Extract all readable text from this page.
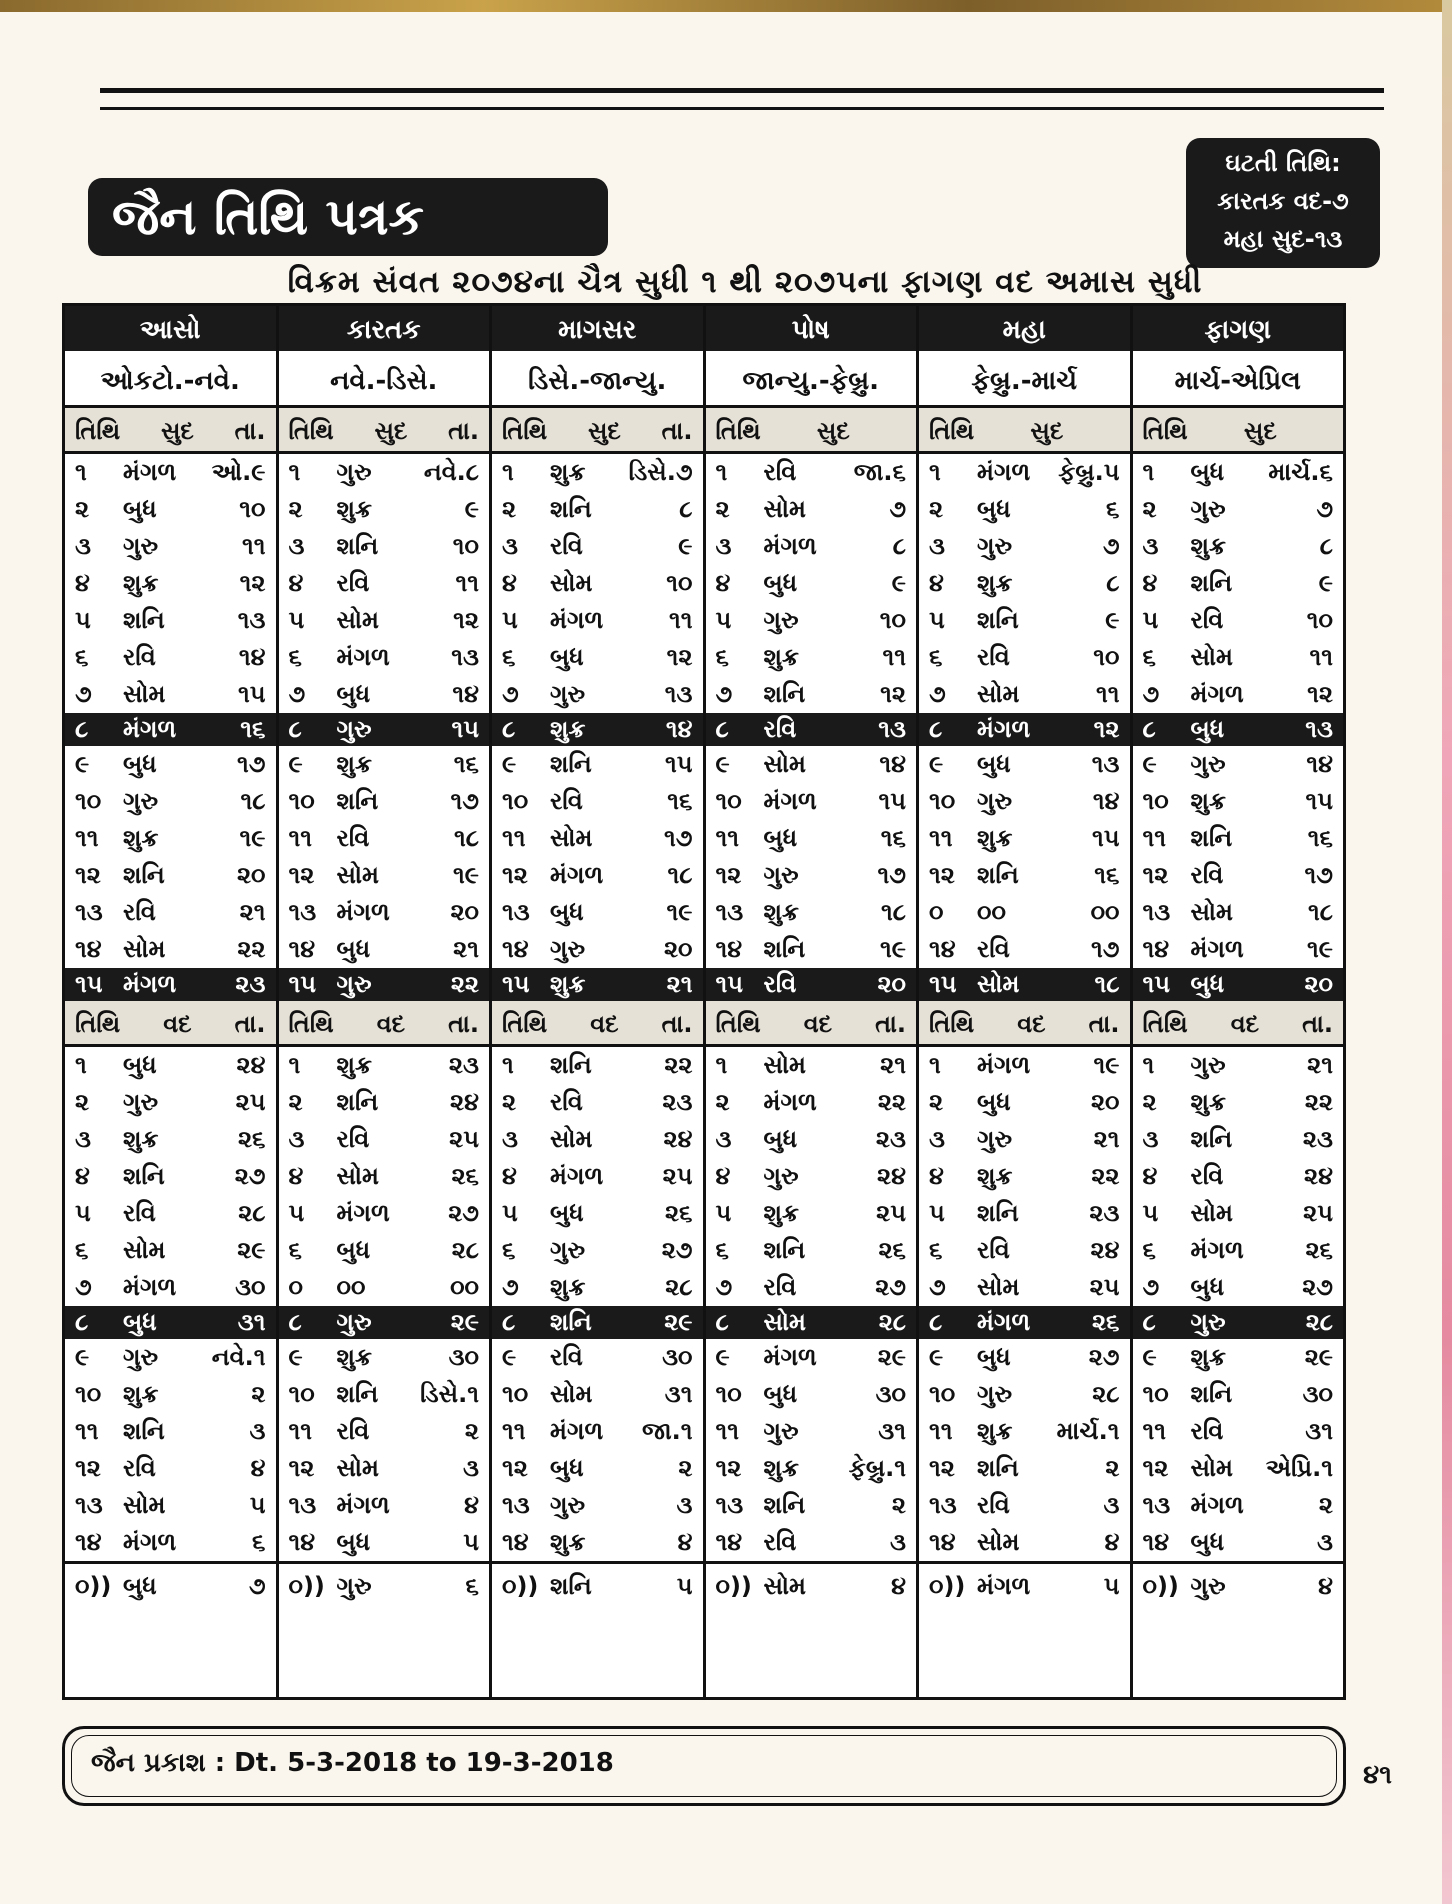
જૈન તિથિ પત્રક
ઘટતી તિથિ:
કારતક વદ-૭
મહા સુદ-૧૩
વિક્રમ સંવત ૨૦૭૪ના ચૈત્ર સુધી ૧ થી ૨૦૭૫ના ફાગણ વદ અમાસ સુધી
આસો
ઓકટો.-નવે.
તિથિ સુદ તા.
૧	મંગળ	ઓ.૯
૨	બુધ	૧૦
૩	ગુરુ	૧૧
૪	શુક્ર	૧૨
૫	શનિ	૧૩
૬	રવિ	૧૪
૭	સોમ	૧૫
૮	મંગળ	૧૬
૯	બુધ	૧૭
૧૦ ગુરુ	૧૮
૧૧	શુક્ર	૧૯
૧૨ શનિ	૨૦
૧૩ રવિ	૨૧
૧૪ સોમ	૨૨
૧૫ મંગળ	૨૩
તિથિ વદ તા.
૧	બુધ	૨૪
૨	ગુરુ	૨૫
૩	શુક્ર	૨૬
૪	શનિ	૨૭
૫	રવિ	૨૮
૬	સોમ	૨૯
૭	મંગળ	૩૦
૮	બુધ	૩૧
૯	ગુરુ	નવે.૧
૧૦ શુક્ર	૨
૧૧	શનિ	૩
૧૨ રવિ	૪
૧૩ સોમ	૫
૧૪ મંગળ	૬
૦)) બુધ	૭
કારતક
નવે.-ડિસે.
તિથિ સુદ તા.
૧	ગુરુ	નવે.૮
૨	શુક્ર	૯
૩	શનિ	૧૦
૪	રવિ	૧૧
૫	સોમ	૧૨
૬	મંગળ	૧૩
૭	બુધ	૧૪
૮	ગુરુ	૧૫
૯	શુક્ર	૧૬
૧૦ શનિ	૧૭
૧૧	રવિ	૧૮
૧૨ સોમ	૧૯
૧૩ મંગળ	૨૦
૧૪ બુધ	૨૧
૧૫ ગુરુ	૨૨
તિથિ વદ તા.
૧	શુક્ર	૨૩
૨	શનિ	૨૪
૩	રવિ	૨૫
૪	સોમ	૨૬
૫	મંગળ	૨૭
૬	બુધ	૨૮
૦	૦૦	૦૦
૮	ગુરુ	૨૯
૯	શુક્ર	૩૦
૧૦ શનિ	ડિસે.૧
૧૧	રવિ	૨
૧૨ સોમ	૩
૧૩ મંગળ	૪
૧૪ બુધ	૫
૦)) ગુરુ	૬
માગસર
ડિસે.-જાન્યુ.
તિથિ સુદ તા.
૧	શુક્ર	ડિસે.૭
૨	શનિ	૮
૩	રવિ	૯
૪	સોમ	૧૦
૫	મંગળ	૧૧
૬	બુધ	૧૨
૭	ગુરુ	૧૩
૮	શુક્ર	૧૪
૯	શનિ	૧૫
૧૦ રવિ	૧૬
૧૧	સોમ	૧૭
૧૨ મંગળ	૧૮
૧૩ બુધ	૧૯
૧૪ ગુરુ	૨૦
૧૫ શુક્ર	૨૧
તિથિ વદ તા.
૧	શનિ	૨૨
૨	રવિ	૨૩
૩	સોમ	૨૪
૪	મંગળ	૨૫
૫	બુધ	૨૬
૬	ગુરુ	૨૭
૭	શુક્ર	૨૮
૮	શનિ	૨૯
૯	રવિ	૩૦
૧૦ સોમ	૩૧
૧૧	મંગળ	જા.૧
૧૨ બુધ	૨
૧૩ ગુરુ	૩
૧૪ શુક્ર	૪
૦)) શનિ	૫
પોષ
જાન્યુ.-ફેબ્રુ.
તિથિ સુદ
૧	રવિ	જા.૬
૨	સોમ	૭
૩	મંગળ	૮
૪	બુધ	૯
૫	ગુરુ	૧૦
૬	શુક્ર	૧૧
૭	શનિ	૧૨
૮	રવિ	૧૩
૯	સોમ	૧૪
૧૦ મંગળ	૧૫
૧૧	બુધ	૧૬
૧૨ ગુરુ	૧૭
૧૩ શુક્ર	૧૮
૧૪ શનિ	૧૯
૧૫ રવિ	૨૦
તિથિ વદ તા.
૧	સોમ	૨૧
૨	મંગળ	૨૨
૩	બુધ	૨૩
૪	ગુરુ	૨૪
૫	શુક્ર	૨૫
૬	શનિ	૨૬
૭	રવિ	૨૭
૮	સોમ	૨૮
૯	મંગળ	૨૯
૧૦ બુધ	૩૦
૧૧	ગુરુ	૩૧
૧૨ શુક્ર	ફેબ્રુ.૧
૧૩ શનિ	૨
૧૪ રવિ	૩
૦)) સોમ	૪
મહા
ફેબ્રુ.-માર્ચ
તિથિ સુદ
૧	મંગળ	ફેબ્રુ.૫
૨	બુધ	૬
૩	ગુરુ	૭
૪	શુક્ર	૮
૫	શનિ	૯
૬	રવિ	૧૦
૭	સોમ	૧૧
૮	મંગળ	૧૨
૯	બુધ	૧૩
૧૦ ગુરુ	૧૪
૧૧	શુક્ર	૧૫
૧૨ શનિ	૧૬
૦	૦૦	૦૦
૧૪ રવિ	૧૭
૧૫ સોમ	૧૮
તિથિ વદ તા.
૧	મંગળ	૧૯
૨	બુધ	૨૦
૩	ગુરુ	૨૧
૪	શુક્ર	૨૨
૫	શનિ	૨૩
૬	રવિ	૨૪
૭	સોમ	૨૫
૮	મંગળ	૨૬
૯	બુધ	૨૭
૧૦ ગુરુ	૨૮
૧૧	શુક્ર	માર્ચ.૧
૧૨ શનિ	૨
૧૩ રવિ	૩
૧૪ સોમ	૪
૦)) મંગળ	૫
ફાગણ
માર્ચ-એપ્રિલ
તિથિ સુદ
૧	બુધ	માર્ચ.૬
૨	ગુરુ	૭
૩	શુક્ર	૮
૪	શનિ	૯
૫	રવિ	૧૦
૬	સોમ	૧૧
૭	મંગળ	૧૨
૮	બુધ	૧૩
૯	ગુરુ	૧૪
૧૦ શુક્ર	૧૫
૧૧	શનિ	૧૬
૧૨ રવિ	૧૭
૧૩ સોમ	૧૮
૧૪ મંગળ	૧૯
૧૫ બુધ	૨૦
તિથિ વદ તા.
૧	ગુરુ	૨૧
૨	શુક્ર	૨૨
૩	શનિ	૨૩
૪	રવિ	૨૪
૫	સોમ	૨૫
૬	મંગળ	૨૬
૭	બુધ	૨૭
૮	ગુરુ	૨૮
૯	શુક્ર	૨૯
૧૦ શનિ	૩૦
૧૧	રવિ	૩૧
૧૨ સોમ	એપ્રિ.૧
૧૩ મંગળ	૨
૧૪ બુધ	૩
૦)) ગુરુ	૪
જૈન પ્રકાશ : Dt. 5-3-2018 to 19-3-2018	૪૧
